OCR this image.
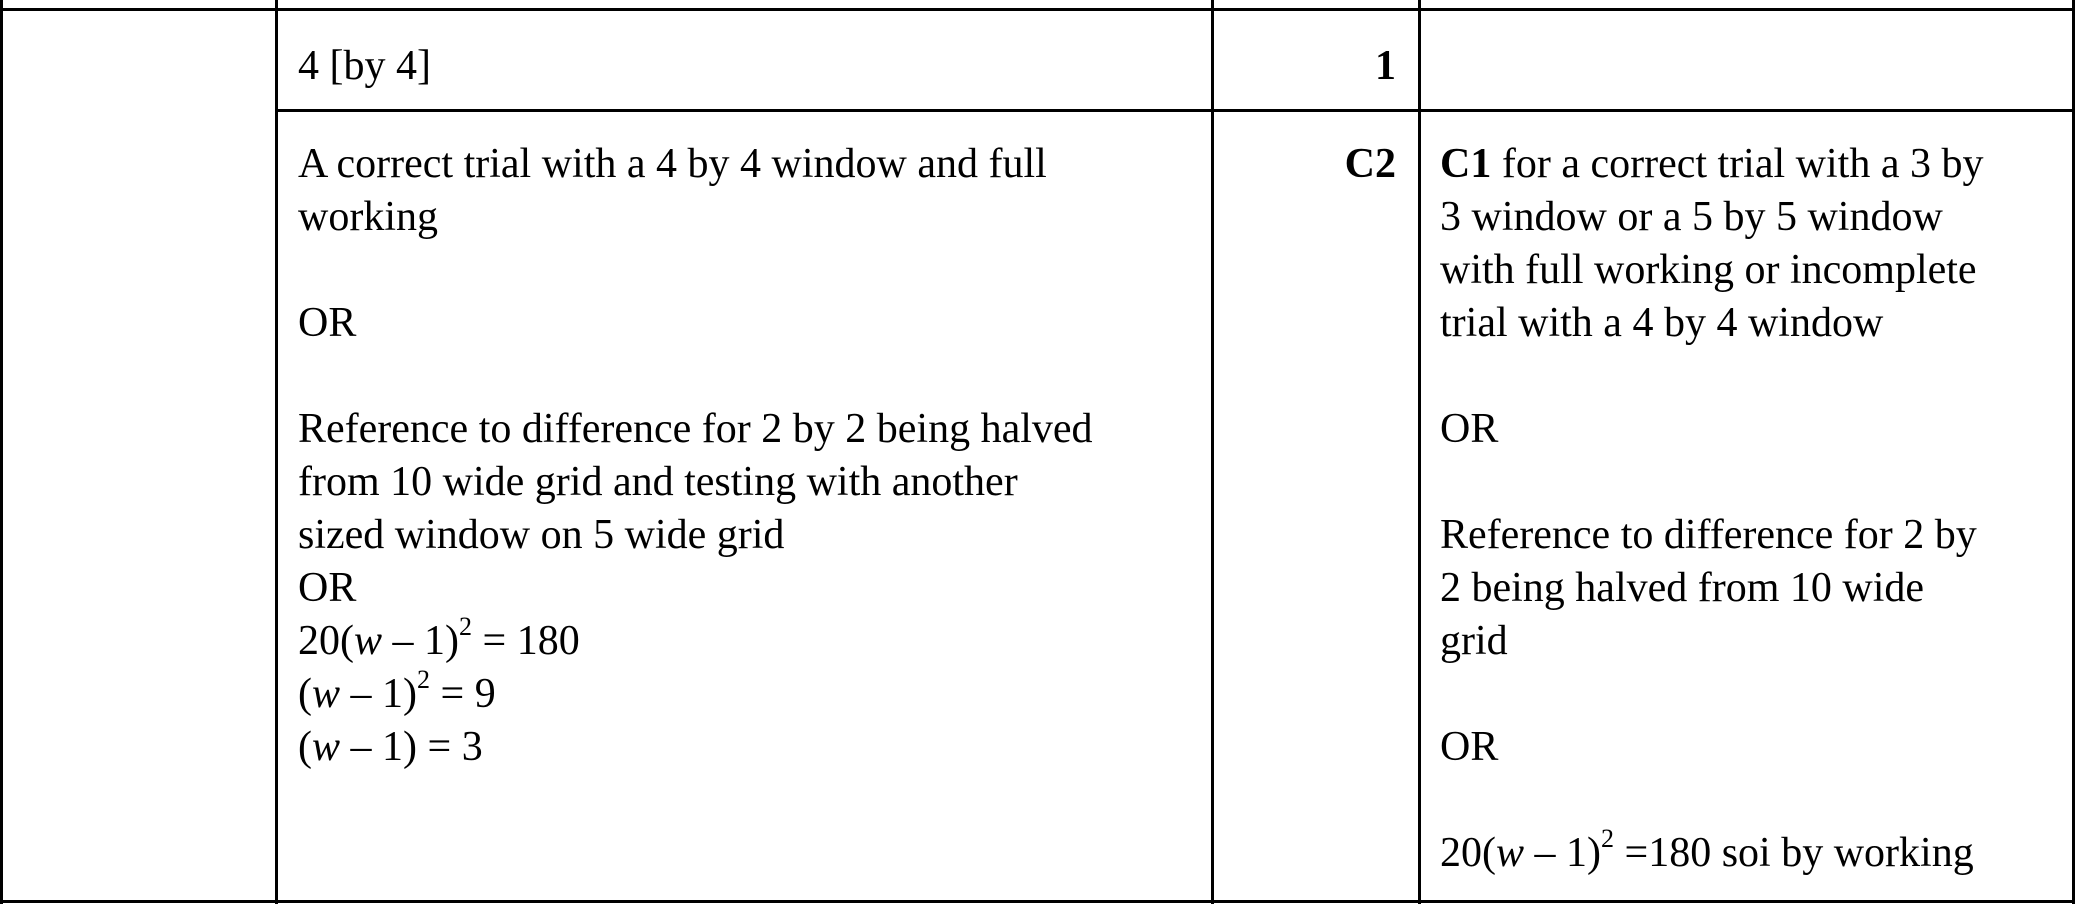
4 [by 4]	1
A correct trial with a 4 by 4 window and full
working
OR
Reference to difference for 2 by 2 being halved
from 10 wide grid and testing with another
sized window on 5 wide grid
OR
20(w – 1)$^2$ = 180
(w – 1)$^2$ = 9
(w – 1) = 3
C2 C1 for a correct trial with a 3 by
3 window or a 5 by 5 window
with full working or incomplete
trial with a 4 by 4 window
OR
Reference to difference for 2 by
2 being halved from 10 wide
grid
OR
20(w – 1)$^2$ =180 soi by working
